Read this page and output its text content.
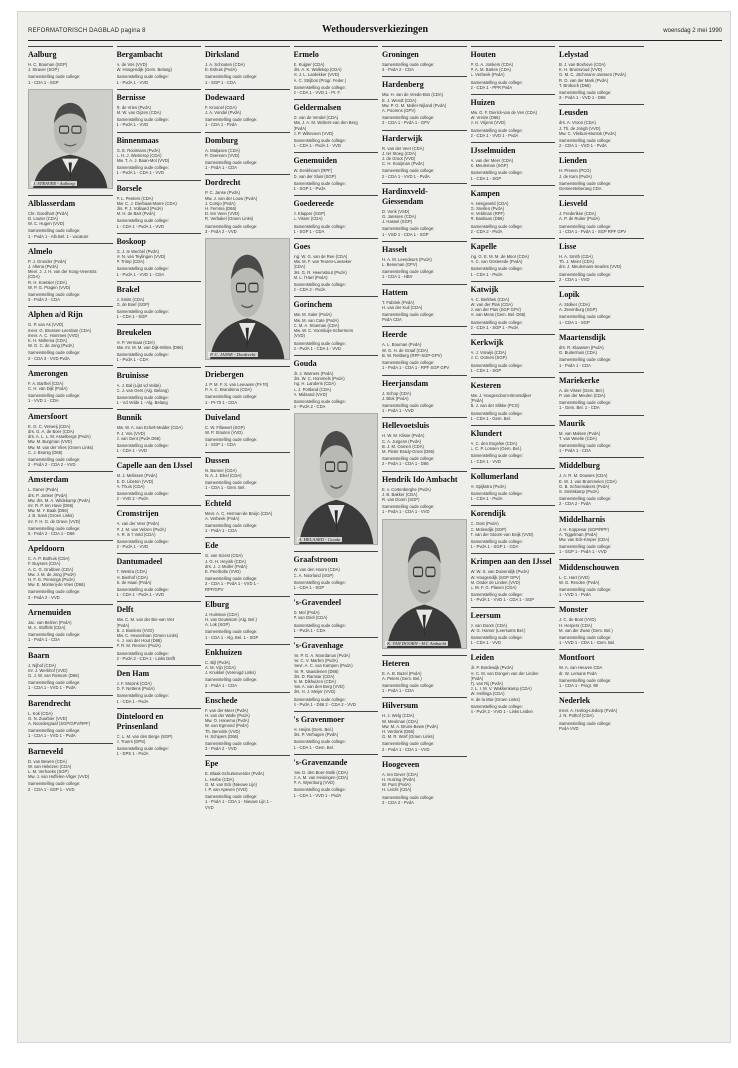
REFORMATORISCH DAGBLAD pagina 8	Wethoudersverkiezingen	woensdag 2 mei 1990
Aalburg
H. C. Bouman (SGP)
J. Straver (SGP)
Samenstelling oude college:
1 - CDA 1 - SGP
J. STRAVER - Aalburg
Alblasserdam
Chr. Goedhart (PvdA)
D. Louter (CDA)
W. C. Hugen (VVD)
Samenstelling oude college:
1 - PvdA 1 - Alb.Bel. 1 - vacature
Almelo
P. J. Gronder (PvdA)
J. Altena (PvdA)
Mevr. J. J. H. van der Koog-Veenstra
(CDA)
R. H. Koetsier (CDA)
W. P. G. Pragen (VVD)
Samenstelling oude college:
3 - PvdA 2 - CDA
Alphen a/d Rijn
G. P. van As (VVD)
mevr. G. Brussen-Leerdam (CDA)
mevr. A. C. Hommes (VVD)
K. H. Mollema (CDA)
W. G. C. de Jong (PvdA)
Samenstelling oude college:
2 - CDA 3 - VVD PvdA
Amerongen
F. A. Barthel (CDA)
C. H. van Dijk (PvdA)
Samenstelling oude college:
1 - VVD 1 - CDA
Amersfoort
E. G. C. Verweij (CDA)
drs. G. A. de Boer (CDA)
drs. A. L. L. M. Asselbergs (PvdA)
Mw. M. Burgman (VVD)
Mw. M. van der Vlies (Groen Links)
C. J. Bruinig (D66)
Samenstelling oude college:
2 - PvdA 2 - CDA 2 - VVD
Amsterdam
L. Ganer (PvdA)
drs. P. Jonker (PvdA)
Mw. drs. M. A. Wildekamp (PvdA)
mr. R. P. ten Have (D66)
Mw. M. Y. Baak (D66)
J. B. Sans (Groen Links)
mr. F. H. G. de Grave (VVD)
Samenstelling oude college:
5 - PvdA 2 - CDA 1 - D66
Apeldoorn
C. A. P. Bothuis (CDA)
F. Buysers (CDA)
A. C. G. Grubben (CDA)
Mw. J. M. de Jong (PvdA)
H. F. G. Pennings (PvdA)
Mw. E. Monterij-de Vries (D66)
Samenstelling oude college:
3 - PvdA 2 - VVD
Arnemuiden
Jac. van Belzen (PvdA)
M. A. Stoffels (CDA)
Samenstelling oude college:
1 - PvdA 1 - CDA
Baarn
J. Nijhof (CDA)
mr. J. Werkhof (VVD)
G. J. W. van Rossum (D66)
Samenstelling oude college:
1 - CDA 1 - VVD 1 - PvdA
Barendrecht
L. Kok (CDA)
G. N. Zuurbier (VVD)
A. Noordergraaf (SGP/GPV/RPF)
Samenstelling oude college:
1 - CDA 1 - VVD 1 - PvdA
Barneveld
D. van Bewen (CDA)
W. van Hekezen (CDA)
L. M. Verhoeks (SGP)
Mw. J. van Huffelen-Vliger (VVD)
Samenstelling oude college:
2 - CDA 1 - SGP 1 - VVD
Bergambacht
A. de Vos (VVD)
W. Hoogendijk (Gem. Belang)
Samenstelling oude college:
1 - PvdA 1 - VVD
Bernisse
R. de Vries (PvdA)
M. W. van Gijzen (CDA)
Samenstelling oude college:
1 - PvdA 1 - VVD
Binnenmaas
G. E. Rooimans (PvdA)
L. H. J. Westerop (CDA)
Mw. T. A. J. Baan-Mol (VVD)
Samenstelling oude college:
1 - PvdA 1 - CDA 1 - VVD
Borsele
P. L. Peeters (CDA)
Mw. C. J. Dierbaas-Marre (CDA)
drs. P. J. Vollaard (PvdA)
M. H. de Bart (PvdA)
Samenstelling oude college:
1 - CDA 1 - PvdA 1 - VVD
Boskoop
G. J. te Wechel (PvdA)
H. N. van Teylingen (VVD)
P. Trimp (CDA)
Samenstelling oude college:
1 - PvdA 1 - VVD 1 - CDA
Brakel
J. Smits (CDA)
G. de Boef (SGP)
Samenstelling oude college:
1 - CDA 1 - SGP
Breukelen
H. P. Vermaat (CDA)
Mw. mr. M. M. van Dijk-Wilms (D66)
Samenstelling oude college:
1 - PvdA 1 - CDA
Bruinisse
A. J. Bal (Lijst vd Velde)
C. J. van Oers (Alg. Belang)
Samenstelling oude college:
1 - Vd Velde 1 - Alg. Belang
Bunnik
Mw. W. A. van Echelt-Mulder (CDA)
P. J. Vos (VVD)
J. van Gent (PvdA D66)
Samenstelling oude college:
1 - CDA 1 - VVD
Capelle aan den IJssel
M. J. Melissen (PvdA)
E. D. Libeton (VVD)
A. Thuis (CDA)
Samenstelling oude college:
2 - VVD 2 - PvdA
Cromstrijen
A. van der Veer (PvdA)
P. J. M. van Velzen (PvdA)
A. R. in 't Veld (CDA)
Samenstelling oude college:
2 - PvdA 1 - VVD
Dantumadeel
T. Westra (CDA)
H. Bierhof (CDA)
S. de Haan (PvdA)
Samenstelling oude college:
1 - CDA 1 - PvdA 1 - VVD
Delft
Mw. C. M. van der Bie-van Viet
(PvdA)
B. J. Boelens (VVD)
Mw. C. Heuvelman (Groen Links)
A. J. van der Hout (D66)
P. R. M. Renzen (PvdA)
Samenstelling oude college:
2 - PvdA 2 - CDA 1 - Links Delft
Den Ham
J. F. Mooink (CDA)
D. F. Nettens (PvdA)
Samenstelling oude college:
1 - CDA 1 - PvdA
Dinteloord en Prinsenland
C. L. M. van den Berge (SGP)
J. Truers (DPS)
Samenstelling oude college:
1 - DPS 1 - PvdA
Dirksland
J. A. Schouten (CDA)
E. Eshuis (PvdA)
Samenstelling oude college:
1 - SGP 1 - CDA
Dodewaard
F. Kroonel (CDA)
J. A. Vondel (PvdA)
Samenstelling oude college:
1 - CDA 1 - PvdA
Domburg
A. Matjasen (CDA)
P. Overeem (VVD)
Samenstelling oude college:
1 - PvdA 1 - CDA
Dordrecht
P. C. Janse (PvdA)
Mw. J. van der Louw (PvdA)
J. Corsjo (PvdA)
H. Femma (D66)
D. ten Veen (VVD)
R. Verbakel (Groen Links)
Samenstelling oude college:
3 - PvdA 2 - VVD
P. C. JANSE - Dordrecht
Driebergen
J. P. M. F. S. van Leeuwen (PI-70)
P. A. C. Brandsma (CDA)
Samenstelling oude college:
1 - PI-70 1 - CDA
Duiveland
C. W. Filiweert (SGP)
W. P. Stouten (VVD)
Samenstelling oude college:
1 - SGP 1 - CDA
Dussen
N. Banner (CDA)
N. A. J. Eikel (CDA)
Samenstelling oude college:
1 - CDA 1 - Gem. Bel.
Echteld
Mevr. A. C. Herman-de Bruijn (CDA)
A. Verbeek (PvdA)
Samenstelling oude college:
1 - PvdA 1 - CDA
Ede
G. van Sciest (CDA)
J. G. H. Heyink (CDA)
drs. J. J. Muller (PvdA)
E. Peerbolte (VVD)
Samenstelling oude college:
2 - CDA 1 - PvdA 1 - VVD 1 -
RPF/GPV
Elburg
J. Huisman (CDA)
H. van Deutekom (Alg. Bel.)
A. Lok (SGP)
Samenstelling oude college:
1 - CDA 1 - Alg. Bel. 1 - SGP
Enkhuizen
C. Bijl (PvdA)
A. M. Vijn (CDA)
J. Knukkel (Verenigd Links)
Samenstelling oude college:
2 - PvdA 1 - CDA
Enschede
F. van der Meer (PvdA)
H. van der Walle (PvdA)
Mw. O. Hanema (PvdA)
W. van Egmond (PvdA)
Th. Bennink (VVD)
H. Schipers (D66)
Samenstelling oude college:
3 - PvdA 2 - VVD
Epe
E. Blaak-Schuitenverder (PvdA)
L. Herbe (CDA)
G. M. van Eck (Nieuwe Lijn)
I. P. van Apeven (VVD)
Samenstelling oude college:
1 - PvdA 1 - CDA 1 - Nieuwe Lijn 1 -
VVD
Ermelo
E. Kuijper (CDA)
drs. A. K. Wallekop (CDA)
H. J. L. Lardekker (VVD)
A. C. Strijbos (Progr. Feder.)
Samenstelling oude college:
2 - CDA 1 - VVD 1 - Pr. F.
Geldermalsen
D. van de Vendel (CDA)
Mw. J. A. M. Wolters-van den Berg
(PvdA)
J. P. Wiltevoen (VVD)
Samenstelling oude college:
1 - CDA 1 - PvdA 1 - VVD
Genemuiden
W. Eenkhoorn (RPF)
D. van der Sluis (SGP)
Samenstelling oude college:
1 - SGP 1 - PvdA
Goedereede
J. Klapper (SGP)
L. Visser (CDA)
Samenstelling oude college:
1 - SGP 1 - CDA
Goes
ing. W. G. van de Ree (CDA)
Mw. M. F. van Teuren-Loeseker
(CDA)
drs. G. R. Heemstout (PvdA)
M. L. l'Hart (PvdA)
Samenstelling oude college:
2 - CDA 2 - PvdA
Gorinchem
Mw. M. Saler (PvdA)
Mw. M. van Cate (PvdA)
C. M. A. Stoeman (CDA)
Mw. W. C. Voorsluijs-Schermers
(VVD)
Samenstelling oude college:
2 - PvdA 1 - CDA 1 - VVD
Gouda
dr. J. Warners (PvdA)
drs. W. C. Hommels (PvdA)
ing. H. Landeris (CDA)
L. J. Portland (CDA)
A. Midsand (VVD)
Samenstelling oude college:
3 - PvdA 2 - CDA
A. HELAARD - Gouda
Graafstroom
W. van den Hoorn (CDA)
C. A. Noorland (SGP)
Samenstelling oude college:
1 - CDA 1 - SGP
's-Gravendeel
D. Mel (PvdA)
P. van Driel (CDA)
Samenstelling oude college:
1 - PvdA 1 - CDA
's-Gravenhage
mr. P. G. A. Noordanus (PvdA)
mr. C. V. Marbro (PvdA)
mevr. A. C. van Kampen (PvdA)
mr. R. Vaandenen (D66)
drs. D. Ramsar (CDA)
N. M. Dikhuizen (CDA)
mw. A. van den Berg (VVD)
drs. H. J. Meijer (VVD)
Samenstelling oude college:
4 - PvdA 1 - D66 2 - CDA 2 - VVD
's Gravenmoer
H. Heijns (Gem. Bel.)
drs. P. Verhagen (PvdA)
Samenstelling oude college:
1 - CDA 1 - Gem. Bel.
's-Gravenzande
mw. D. den Boer-Stolk (CDA)
J. A. M. van Heiningen (CDA)
P. A. Wyenburg (VVD)
Samenstelling oude college:
1 - CDA 1 - VVD 1 - PvdA
Groningen
Samenstelling oude college:
4 - PvdA 2 - CDA
Hardenberg
Mw. H. van de Veede-Bos (CDA)
E. J. Wendt (CDA)
Mw. P. G. M. Muller-Nijland (PvdA)
A. Poorens (GPV)
Samenstelling oude college:
2 - CDA 1 - PvdA 1 - GPV
Harderwijk
R. van der Veer (CDA)
J. ter Stoeg (CDA)
J. de Groot (VVD)
C. H. Kooijman (PvdA)
Samenstelling oude college:
2 - CDA 1 - VVD 1 - PvdA
Hardinxveld-Giessendam
D. Vonk (VSD)
G. Janssen (CDA)
J. Hassel (SGP)
Samenstelling oude college:
1 - VSD 1 - CDA 1 - SGP
Hasselt
H. A. M. Leendeurs (PvdA)
L. Beseman (GPV)
Samenstelling oude college:
1 - CDA 1 - HBV
Hattem
T. Fabriek (PvdA)
H. van der Kuil (CDA)
Samenstelling oude college:
PvdA CDA
Heerde
A. L. Bouman (PvdA)
W. G. H. de Graaf (CDA)
B. W. Reitberg (RPF-SGP-GPV)
Samenstelling oude college:
1 - PvdA 1 - CDA 1 - RPF SGP GPV
Heerjansdam
J. Schop (CDA)
J. Blok (PvdA)
Samenstelling oude college:
1 - PvdA 1 - VVD
Hellevoetsluis
H. W. M. Klisse (PvdA)
C. A. Jurgens (PvdA)
B. J. M. Oomen (CDA)
M. Pieter Brady-Groot (D66)
Samenstelling oude college:
2 - PvdA 1 - CDA 1 - D66
Hendrik Ido Ambacht
E. v. Cortenberghe (PvdA)
J. B. Bakker (CDA)
R. van Doorn (SGP)
Samenstelling oude college:
1 - PvdA 1 - CDA 1 - VVD
K. VAN DOORN - H.I. Ambacht
Heteren
E. A. B. Bazel (PvdA)
A. Peters (Gem. Bel.)
Samenstelling oude college:
1 - PvdA 1 - CDA
Hilversum
H. J. Welg (CDA)
W. Meulman (CDA)
Mw. M. A. Bruns-Bewe (PvdA)
H. Verdonk (D66)
G. M. R. Worf (Groen Links)
Samenstelling oude college:
2 - PvdA 1 - CDA 1 - VVD
Hoogeveen
A. ten Dever (CDA)
H. Huizing (PvdA)
W. Punt (PvdA)
H. Leicht (CDA)
Samenstelling oude college:
2 - CDA 2 - PvdA
Houten
P. G. A. Jonkers (CDA)
P. A. M. Barten (CDA)
L. Verbeek (PvdA)
Samenstelling oude college:
2 - CDA 1 - PPR PvdA
Huizen
Mw. G. F. Dierick-van de Ven (CDA)
W. Vreize (D66)
J. H. Vrijens (VVD)
Samenstelling oude college:
2 - CDA 1 - VVD 1 - PvdA
IJsselmuiden
A. van der Meer (CDA)
K. Meuleman (SGP)
Samenstelling oude college:
1 - CDA 1 - SGP
Kampen
A. Hengeveld (CDA)
G. Snellen (PvdA)
H. Veldman (RPF)
R. Bastiaan (D66)
Samenstelling oude college:
2 - CDA 2 - PvdA
Kapelle
ing. G. E. M. M. de Moor (CDA)
A. C. van Oosterede (PvdA)
Samenstelling oude college:
1 - CDA 1 - PvdA
Katwijk
A. C. Berkhek (CDA)
W. van der Plas (CDA)
J. van der Plas (SGP GPV)
H. van Mens (Gem. Bel. D66)
Samenstelling oude college:
2 - CDA 1 - SGP 1 - PvdA
Kerkwijk
A. J. Vorwijs (CDA)
J. C. Oomen (SGP)
Samenstelling oude college:
1 - CDA 1 - SGP
Kesteren
Mw. J. Hoogendoorn-Bronsdijker
(PvdA)
B. J. van der Slikke (PCG)
Samenstelling oude college:
1 - CDA 1 - Gem. Bel.
Klundert
A. C. den Engelse (CDA)
L. C. P. Lonsen (Gem. Bel.)
Samenstelling oude college:
1 - CDA 1 - VVD
Kollumerland
H. Spijkstra (PvdA)
Samenstelling oude college:
1 - CDA 1 - PvdA
Korendijk
C. Oost (PvdA)
C. Molendijk (SGP)
T. van der Stoorn-van Eeijk (VVD)
Samenstelling oude college:
1 - PvdA 1 - SGP 1 - CDA
Krimpen aan den IJssel
W. W. S. van Duivendijk (PvdA)
W. Hoogendijk (SGP GPV)
M. Onder de Linden (VVD)
L. M. F. G. Plaven (CDA)
Samenstelling oude college:
1 - PvdA 1 - VVD 1 - CDA 1 - SGP
Leersum
J. van Doorn (CDA)
W. G. Hamer (Leersums Bel.)
Samenstelling oude college:
1 - CDA 1 - VVD
Leiden
dr. P. Bordewijk (PvdA)
H. C. M. van Dongen van der Linden
(PvdA)
Tj. van Rij (PvdA)
J. L. I. M. V. Wakkenkamp (CDA)
W. Hellinga (CDA)
H. de la Mar (Groen Links)
Samenstelling oude college:
4 - PvdA 2 - VVD 1 - Links Leiden
Lelystad
B. J. van Boxhove (CDA)
K. H. Brunsvoud (VVD)
G. M. C. Jöchmann-Janssen (PvdA)
R. D. van der Mark (PvdA)
T. Brobach (D66)
Samenstelling oude college:
3 - PvdA 1 - VVD 1 - D66
Leusden
drs. A. Vroon (CDA)
J. Th. de Jongh (VVD)
Mw. C. Vlieburi-Muntok (PvdA)
Samenstelling oude college:
2 - CDA 1 - VVD 1 - PvdA
Lienden
H. Preeen (PCG)
J. de Kam (PvdA)
Samenstelling oude college:
Gemeenteberang CDA
Liesveld
J. Frederikse (CDA)
A. P. de Ruiter (PvdA)
Samenstelling oude college:
1 - CDA 1 - PvdA 1 - SGP RPF GPV
Lisse
H. A. Smith (CDA)
Th. J. Meier (CDA)
drs. J. Meulemans-Searles (VVD)
Samenstelling oude college:
2 - CDA 1 - VVD
Lopik
A. Stolker (CDA)
A. Zevenburg (SGP)
Samenstelling oude college:
1 - CDA 1 - SGP
Maartensdijk
drs. R. Klaassen (PvdA)
G. Buitenhuis (CDA)
Samenstelling oude college:
1 - PvdA 1 - CDA
Mariekerke
A. de Visser (Gem. Bel.)
P. van der Meulen (CDA)
Samenstelling oude college:
1 - Gem. Bel. 1 - CDA
Maurik
M. van Malsen (PvdA)
T. van Weelie (CDA)
Samenstelling oude college:
1 - PvdA 1 - CDA
Middelburg
J. A. R. M. Douwes (CDA)
E. W. J. van Brummelen (CDA)
G. B. Schoemakers (PvdA)
S. Smitskamp (PvdA)
Samenstelling oude college:
2 - CDA 2 - PvdA
Middelharnis
J. H. Koppesar (SGP/RPF)
A. Tiggelman (PvdA)
Mw. van Eck-Kreper (CDA)
Samenstelling oude college:
1 - SGP 1 - PvdA 1 - VVD
Middenschouwen
L. C. Hart (VVD)
W. G. Renden (PvdA)
Samenstelling oude college:
1 - VVD 1 - PvdA
Monster
J. C. de Bont (VVD)
H. Herpers (CDA)
M. van der Zwan (Gem. Bel.)
Samenstelling oude college:
1 - VVD 1 - CDA 1 - Gem. Bel.
Montfoort
W. A. van Heuven CDA
dr. W. Lemans PvdA
Samenstelling oude college:
1 - CDA 1 - Progr. 98
Nederlek
mevr. A. Hartog-Lledorp (PvdA)
J. N. Pothof (CDA)
Samenstelling oude college:
PvdA VVD
